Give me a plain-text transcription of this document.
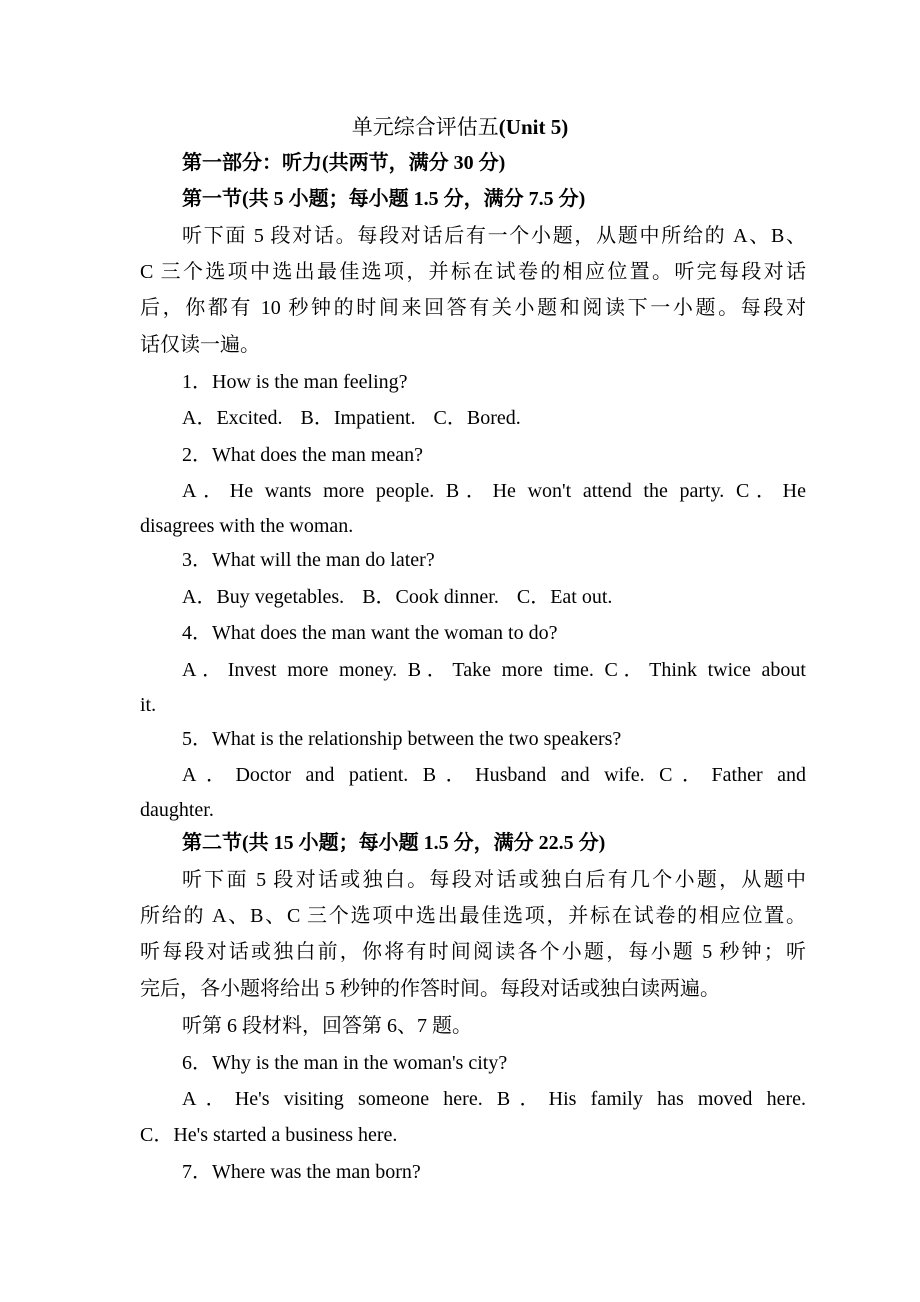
单元综合评估五(Unit 5)
第一部分：听力(共两节，满分 30 分)
第一节(共 5 小题；每小题 1.5 分，满分 7.5 分)
听下面 5 段对话。每段对话后有一个小题，从题中所给的 A、B、
C 三个选项中选出最佳选项，并标在试卷的相应位置。听完每段对话
后，你都有 10 秒钟的时间来回答有关小题和阅读下一小题。每段对
话仅读一遍。
1．How is the man feeling?
A．Excited. B．Impatient. C．Bored.
2．What does the man mean?
A．He wants more people. B．He won't attend the party. C．He
disagrees with the woman.
3．What will the man do later?
A．Buy vegetables. B．Cook dinner. C．Eat out.
4．What does the man want the woman to do?
A．Invest more money. B．Take more time. C．Think twice about
it.
5．What is the relationship between the two speakers?
A．Doctor and patient. B．Husband and wife. C．Father and
daughter.
第二节(共 15 小题；每小题 1.5 分，满分 22.5 分)
听下面 5 段对话或独白。每段对话或独白后有几个小题，从题中
所给的 A、B、C 三个选项中选出最佳选项，并标在试卷的相应位置。
听每段对话或独白前，你将有时间阅读各个小题，每小题 5 秒钟；听
完后，各小题将给出 5 秒钟的作答时间。每段对话或独白读两遍。
听第 6 段材料，回答第 6、7 题。
6．Why is the man in the woman's city?
A．He's visiting someone here. B．His family has moved here.
C．He's started a business here.
7．Where was the man born?
